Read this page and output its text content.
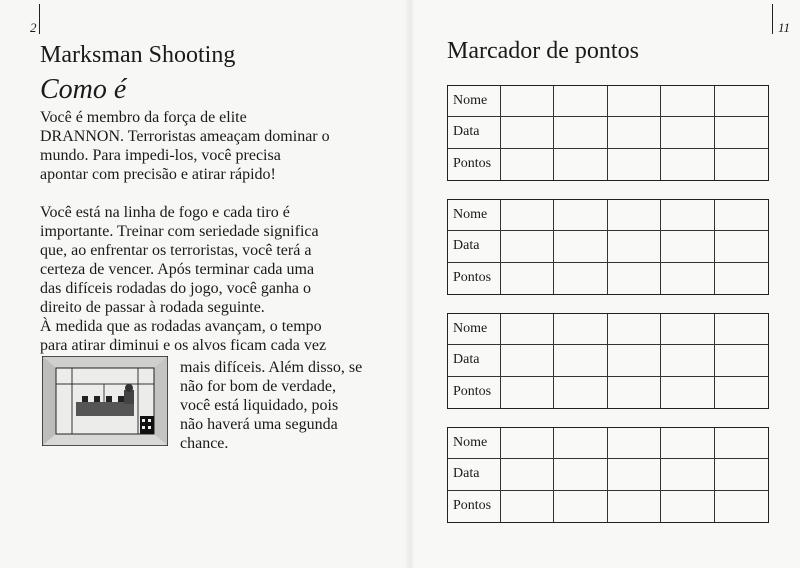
2	11
Marksman Shooting
Como é
Você é membro da força de elite
DRANNON. Terroristas ameaçam dominar o
mundo. Para impedi-los, você precisa
apontar com precisão e atirar rápido!
Você está na linha de fogo e cada tiro é
importante. Treinar com seriedade significa
que, ao enfrentar os terroristas, você terá a
certeza de vencer. Após terminar cada uma
das difíceis rodadas do jogo, você ganha o
direito de passar à rodada seguinte.
À medida que as rodadas avançam, o tempo
para atirar diminui e os alvos ficam cada vez
mais difíceis. Além disso, se
não for bom de verdade,
você está liquidado, pois
não haverá uma segunda
chance.
Marcador de pontos
Nome
Data
Pontos
Nome
Data
Pontos
Nome
Data
Pontos
Nome
Data
Pontos
